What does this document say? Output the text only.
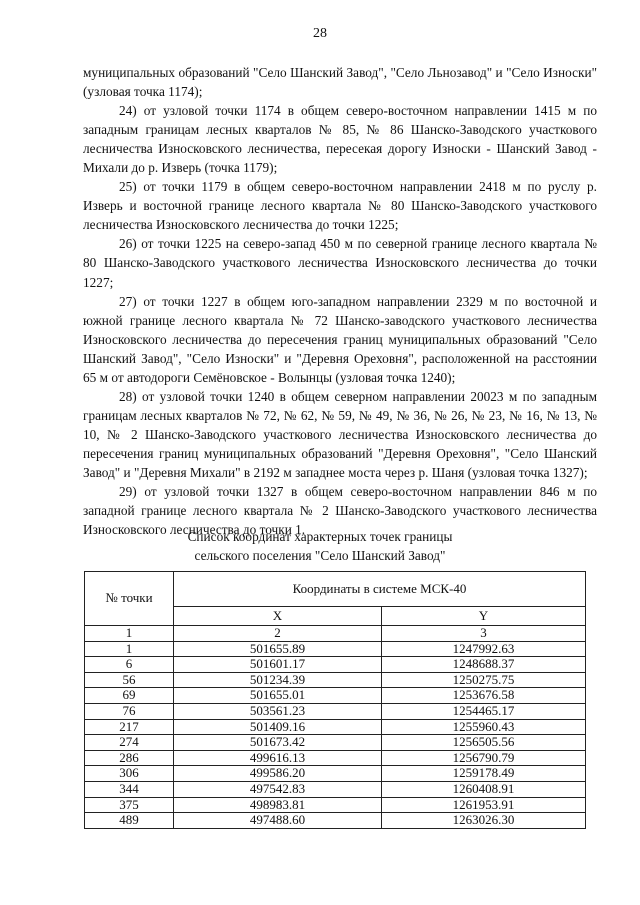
28

муниципальных образований "Село Шанский Завод", "Село Льнозавод" и "Село Износки" (узловая точка 1174);

24) от узловой точки 1174 в общем северо-восточном направлении 1415 м по западным границам лесных кварталов № 85, № 86 Шанско-Заводского участкового лесничества Износковского лесничества, пересекая дорогу Износки - Шанский Завод - Михали до р. Изверь (точка 1179);

25) от точки 1179 в общем северо-восточном направлении 2418 м по руслу р. Изверь и восточной границе лесного квартала № 80 Шанско-Заводского участкового лесничества Износковского лесничества до точки 1225;

26) от точки 1225 на северо-запад 450 м по северной границе лесного квартала № 80 Шанско-Заводского участкового лесничества Износковского лесничества до точки 1227;

27) от точки 1227 в общем юго-западном направлении 2329 м по восточной и южной границе лесного квартала № 72 Шанско-заводского участкового лесничества Износковского лесничества до пересечения границ муниципальных образований "Село Шанский Завод", "Село Износки" и "Деревня Ореховня", расположенной на расстоянии 65 м от автодороги Семёновское - Волынцы (узловая точка 1240);

28) от узловой точки 1240 в общем северном направлении 20023 м по западным границам лесных кварталов № 72, № 62, № 59, № 49, № 36, № 26, № 23, № 16, № 13, № 10, № 2 Шанско-Заводского участкового лесничества Износковского лесничества до пересечения границ муниципальных образований "Деревня Ореховня", "Село Шанский Завод" и "Деревня Михали" в 2192 м западнее моста через р. Шаня (узловая точка 1327);

29) от узловой точки 1327 в общем северо-восточном направлении 846 м по западной границе лесного квартала № 2 Шанско-Заводского участкового лесничества Износковского лесничества до точки 1.

Список координат характерных точек границы
сельского поселения "Село Шанский Завод"
№ точки	Координаты в системе МСК-40	
	X	Y
1	2	3
1	501655.89	1247992.63
6	501601.17	1248688.37
56	501234.39	1250275.75
69	501655.01	1253676.58
76	503561.23	1254465.17
217	501409.16	1255960.43
274	501673.42	1256505.56
286	499616.13	1256790.79
306	499586.20	1259178.49
344	497542.83	1260408.91
375	498983.81	1261953.91
489	497488.60	1263026.30
